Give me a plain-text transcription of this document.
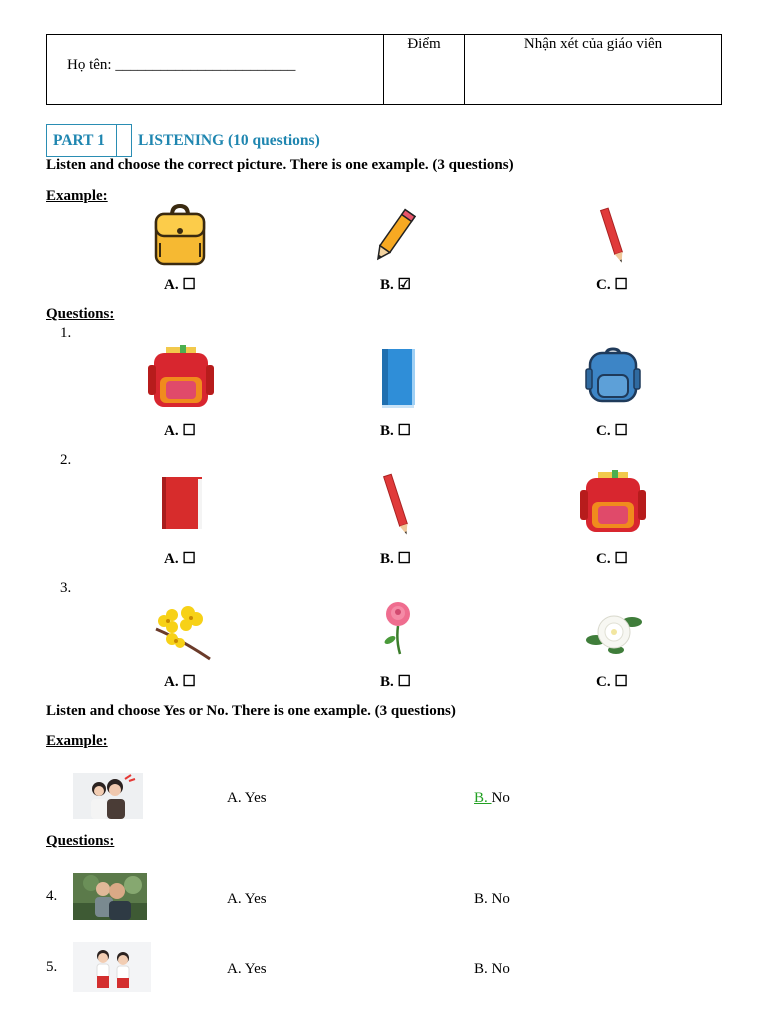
Họ tên: ________________________
Điểm	Nhận xét của giáo viên
PART 1 LISTENING (10 questions)
Listen and choose the correct picture. There is one example. (3 questions)
Example:
A. ☐	B. ☑	C. ☐
Questions:
1.
A. ☐	B. ☐	C. ☐
2.
A. ☐	B. ☐	C. ☐
3.
A. ☐	B. ☐	C. ☐
Listen and choose Yes or No. There is one example. (3 questions)
Example:
A. Yes	B. No
Questions:
4.	A. Yes	B. No
5.	A. Yes	B. No
